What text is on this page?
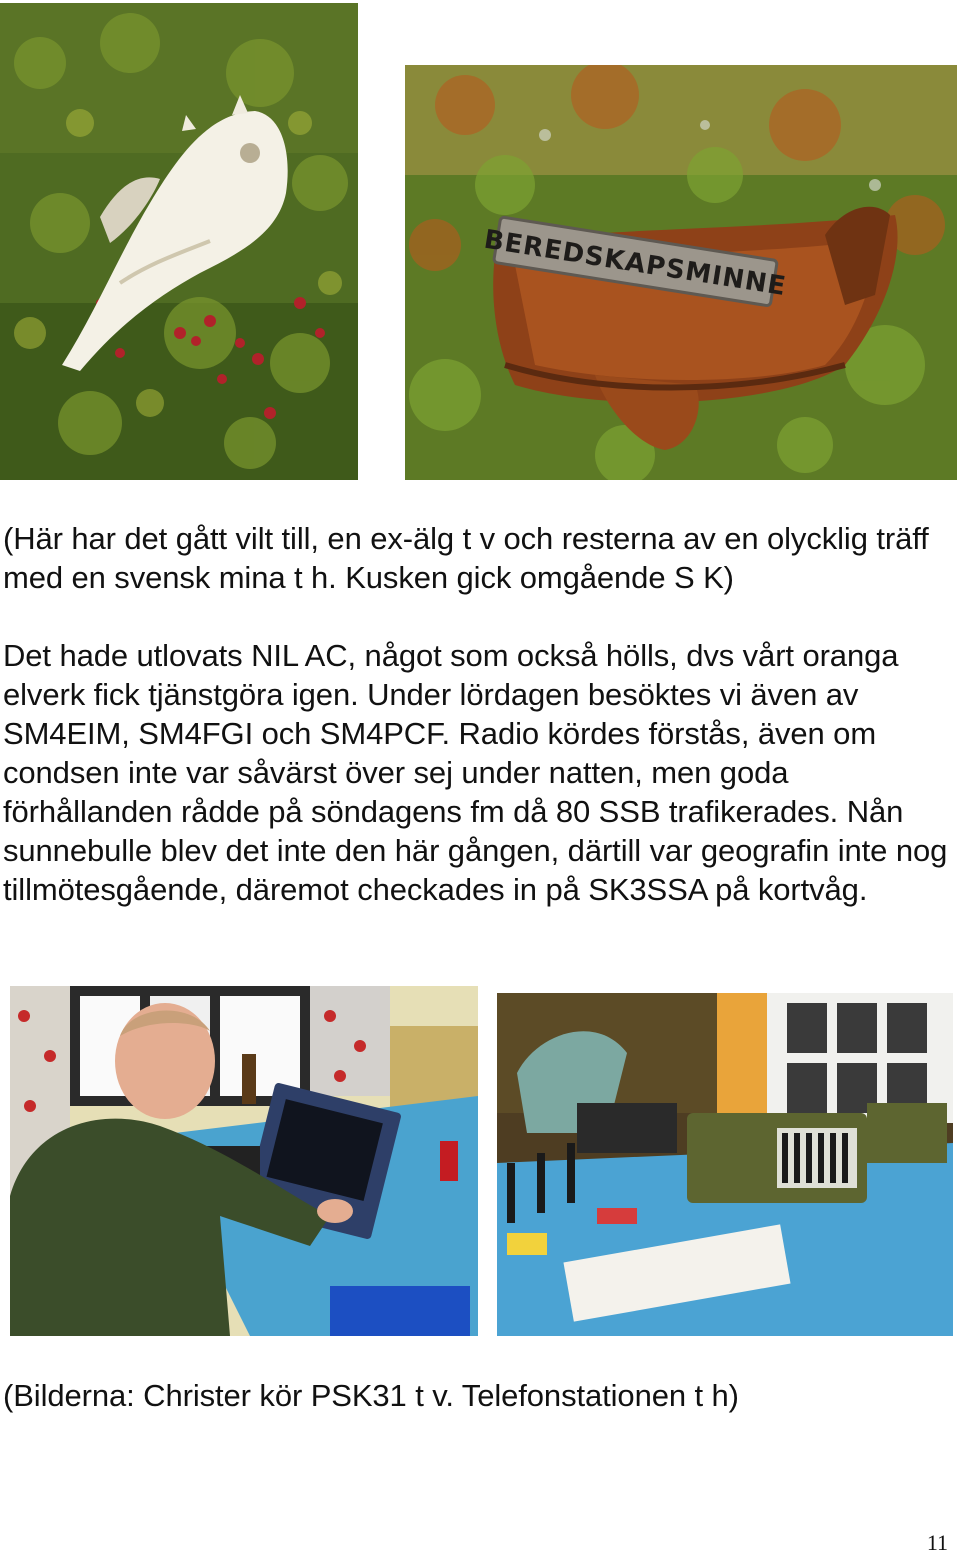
BEREDSKAPSMINNE

(Här har det gått vilt till, en ex-älg t v och resterna av en olycklig träff med en svensk mina t h. Kusken gick omgående S K)

Det hade utlovats NIL AC, något som också hölls, dvs vårt oranga elverk fick tjänstgöra igen. Under lördagen besöktes vi även av SM4EIM, SM4FGI och SM4PCF. Radio kördes förstås, även om condsen inte var såvärst över sej under natten, men goda förhållanden rådde på söndagens fm då 80 SSB trafikerades. Nån sunnebulle blev det inte den här gången, därtill var geografin inte nog tillmötesgående, däremot checkades in på SK3SSA på kortvåg.

(Bilderna: Christer kör PSK31 t v. Telefonstationen t h)

11
